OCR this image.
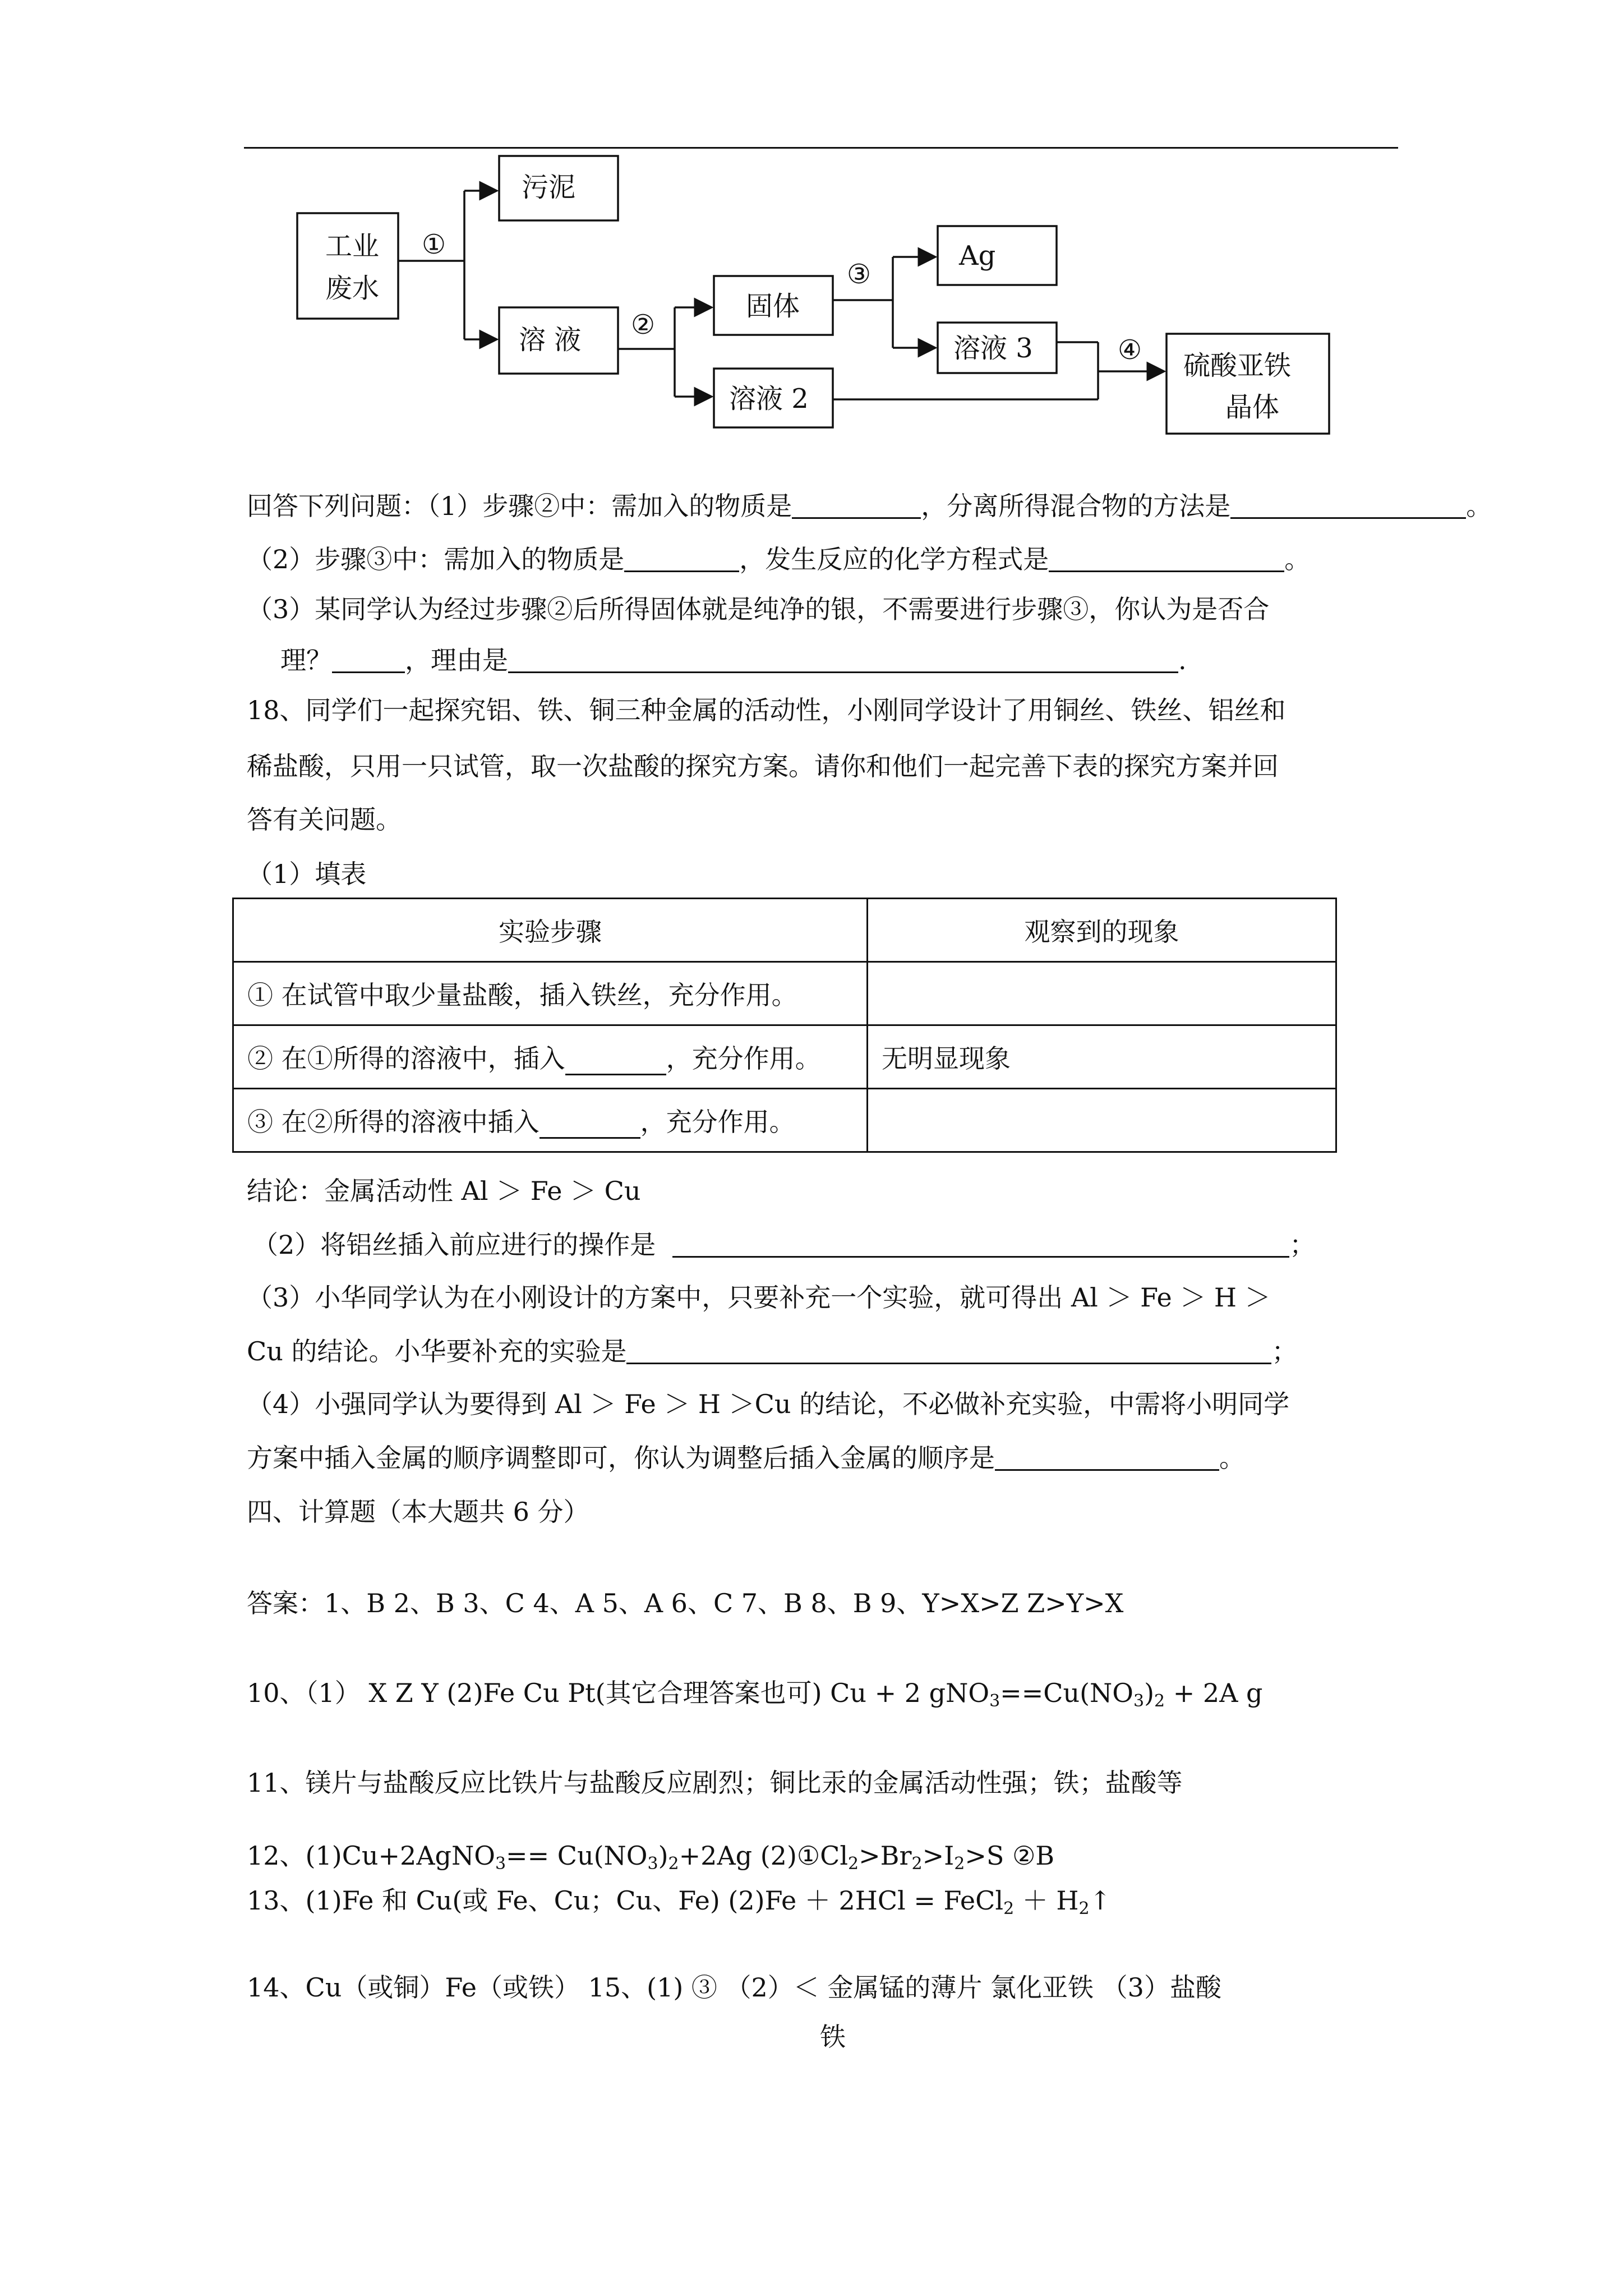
工业
废水
①
污泥
溶 液 ②
固体
溶液 2
③
Ag
溶液 3	④ 硫酸亚铁
晶体
回答下列问题：（1）步骤②中：需加入的物质是	，分离所得混合物的方法是	。
（2）步骤③中：需加入的物质是	，发生反应的化学方程式是	。
（3）某同学认为经过步骤②后所得固体就是纯净的银，不需要进行步骤③，你认为是否合
理？	，理由是	.
18、同学们一起探究铝、铁、铜三种金属的活动性，小刚同学设计了用铜丝、铁丝、铝丝和
稀盐酸，只用一只试管，取一次盐酸的探究方案。请你和他们一起完善下表的探究方案并回
答有关问题。
（1）填表
实验步骤	观察到的现象
① 在试管中取少量盐酸，插入铁丝，充分作用。	
② 在①所得的溶液中，插入 ，充分作用。	无明显现象
③ 在②所得的溶液中插入 ，充分作用。	
结论：金属活动性 Al ＞ Fe ＞ Cu
（2）将铝丝插入前应进行的操作是	；
（3）小华同学认为在小刚设计的方案中，只要补充一个实验，就可得出 Al ＞ Fe ＞ H ＞
Cu 的结论。小华要补充的实验是	；
（4）小强同学认为要得到 Al ＞ Fe ＞ H ＞Cu 的结论，不必做补充实验，中需将小明同学
方案中插入金属的顺序调整即可，你认为调整后插入金属的顺序是	。
四、计算题（本大题共 6 分）
答案：1、B 2、B 3、C 4、A 5、A 6、C 7、B 8、B 9、Y>X>Z Z>Y>X
10、（1） X Z Y (2)Fe Cu Pt(其它合理答案也可) Cu + 2 $gNO_3==Cu(NO_3)_2 + 2A$ g
11、镁片与盐酸反应比铁片与盐酸反应剧烈；铜比汞的金属活动性强；铁；盐酸等
12、(1)Cu+2AgNO$_3$== $Cu(NO_3)_2+2Ag$ $(2)①Cl_2>Br_2>I_2>S$ ②B
13、(1)Fe 和 Cu(或 Fe、Cu；Cu、Fe) (2)Fe ＋ 2HCl = FeCl$_2$ ＋ $H_2↑$
14、Cu（或铜）Fe（或铁） 15、(1) ③ （2）＜ 金属锰的薄片 氯化亚铁 （3）盐酸
铁
